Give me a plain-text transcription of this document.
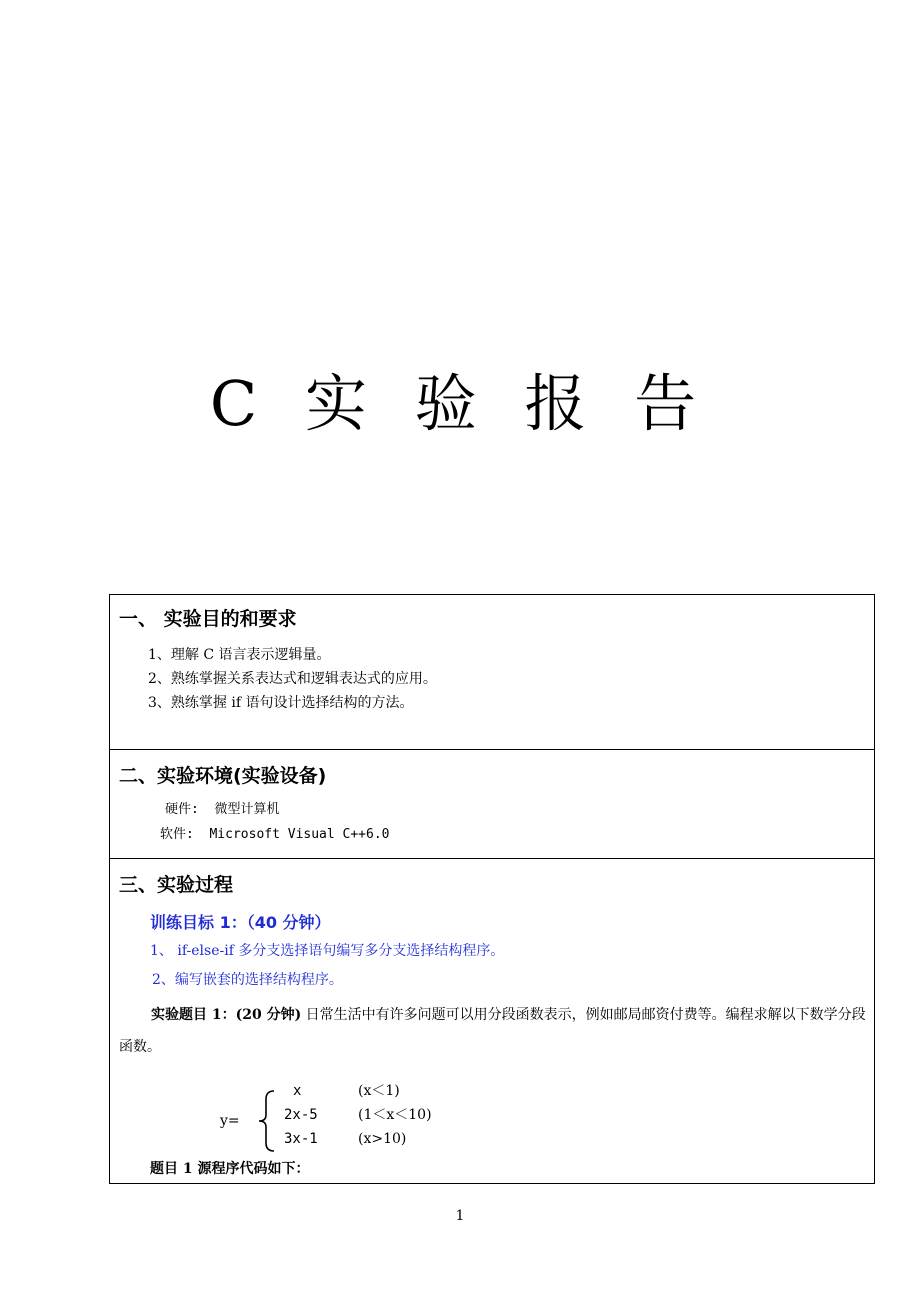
C 实 验 报 告
一、 实验目的和要求
1、理解 C 语言表示逻辑量。
2、熟练掌握关系表达式和逻辑表达式的应用。
3、熟练掌握 if 语句设计选择结构的方法。
二、实验环境(实验设备)
硬件:  微型计算机
软件:  Microsoft Visual C++6.0
三、实验过程
训练目标 1：（40 分钟）
1、 if-else-if 多分支选择语句编写多分支选择结构程序。
2、编写嵌套的选择结构程序。
实验题目 1：(20 分钟) 日常生活中有许多问题可以用分段函数表示，例如邮局邮资付费等。编程求解以下数学分段函数。
y=
x	(x＜1)
2x-5	(1＜x＜10)
3x-1	(x>10)
题目 1 源程序代码如下：
1
